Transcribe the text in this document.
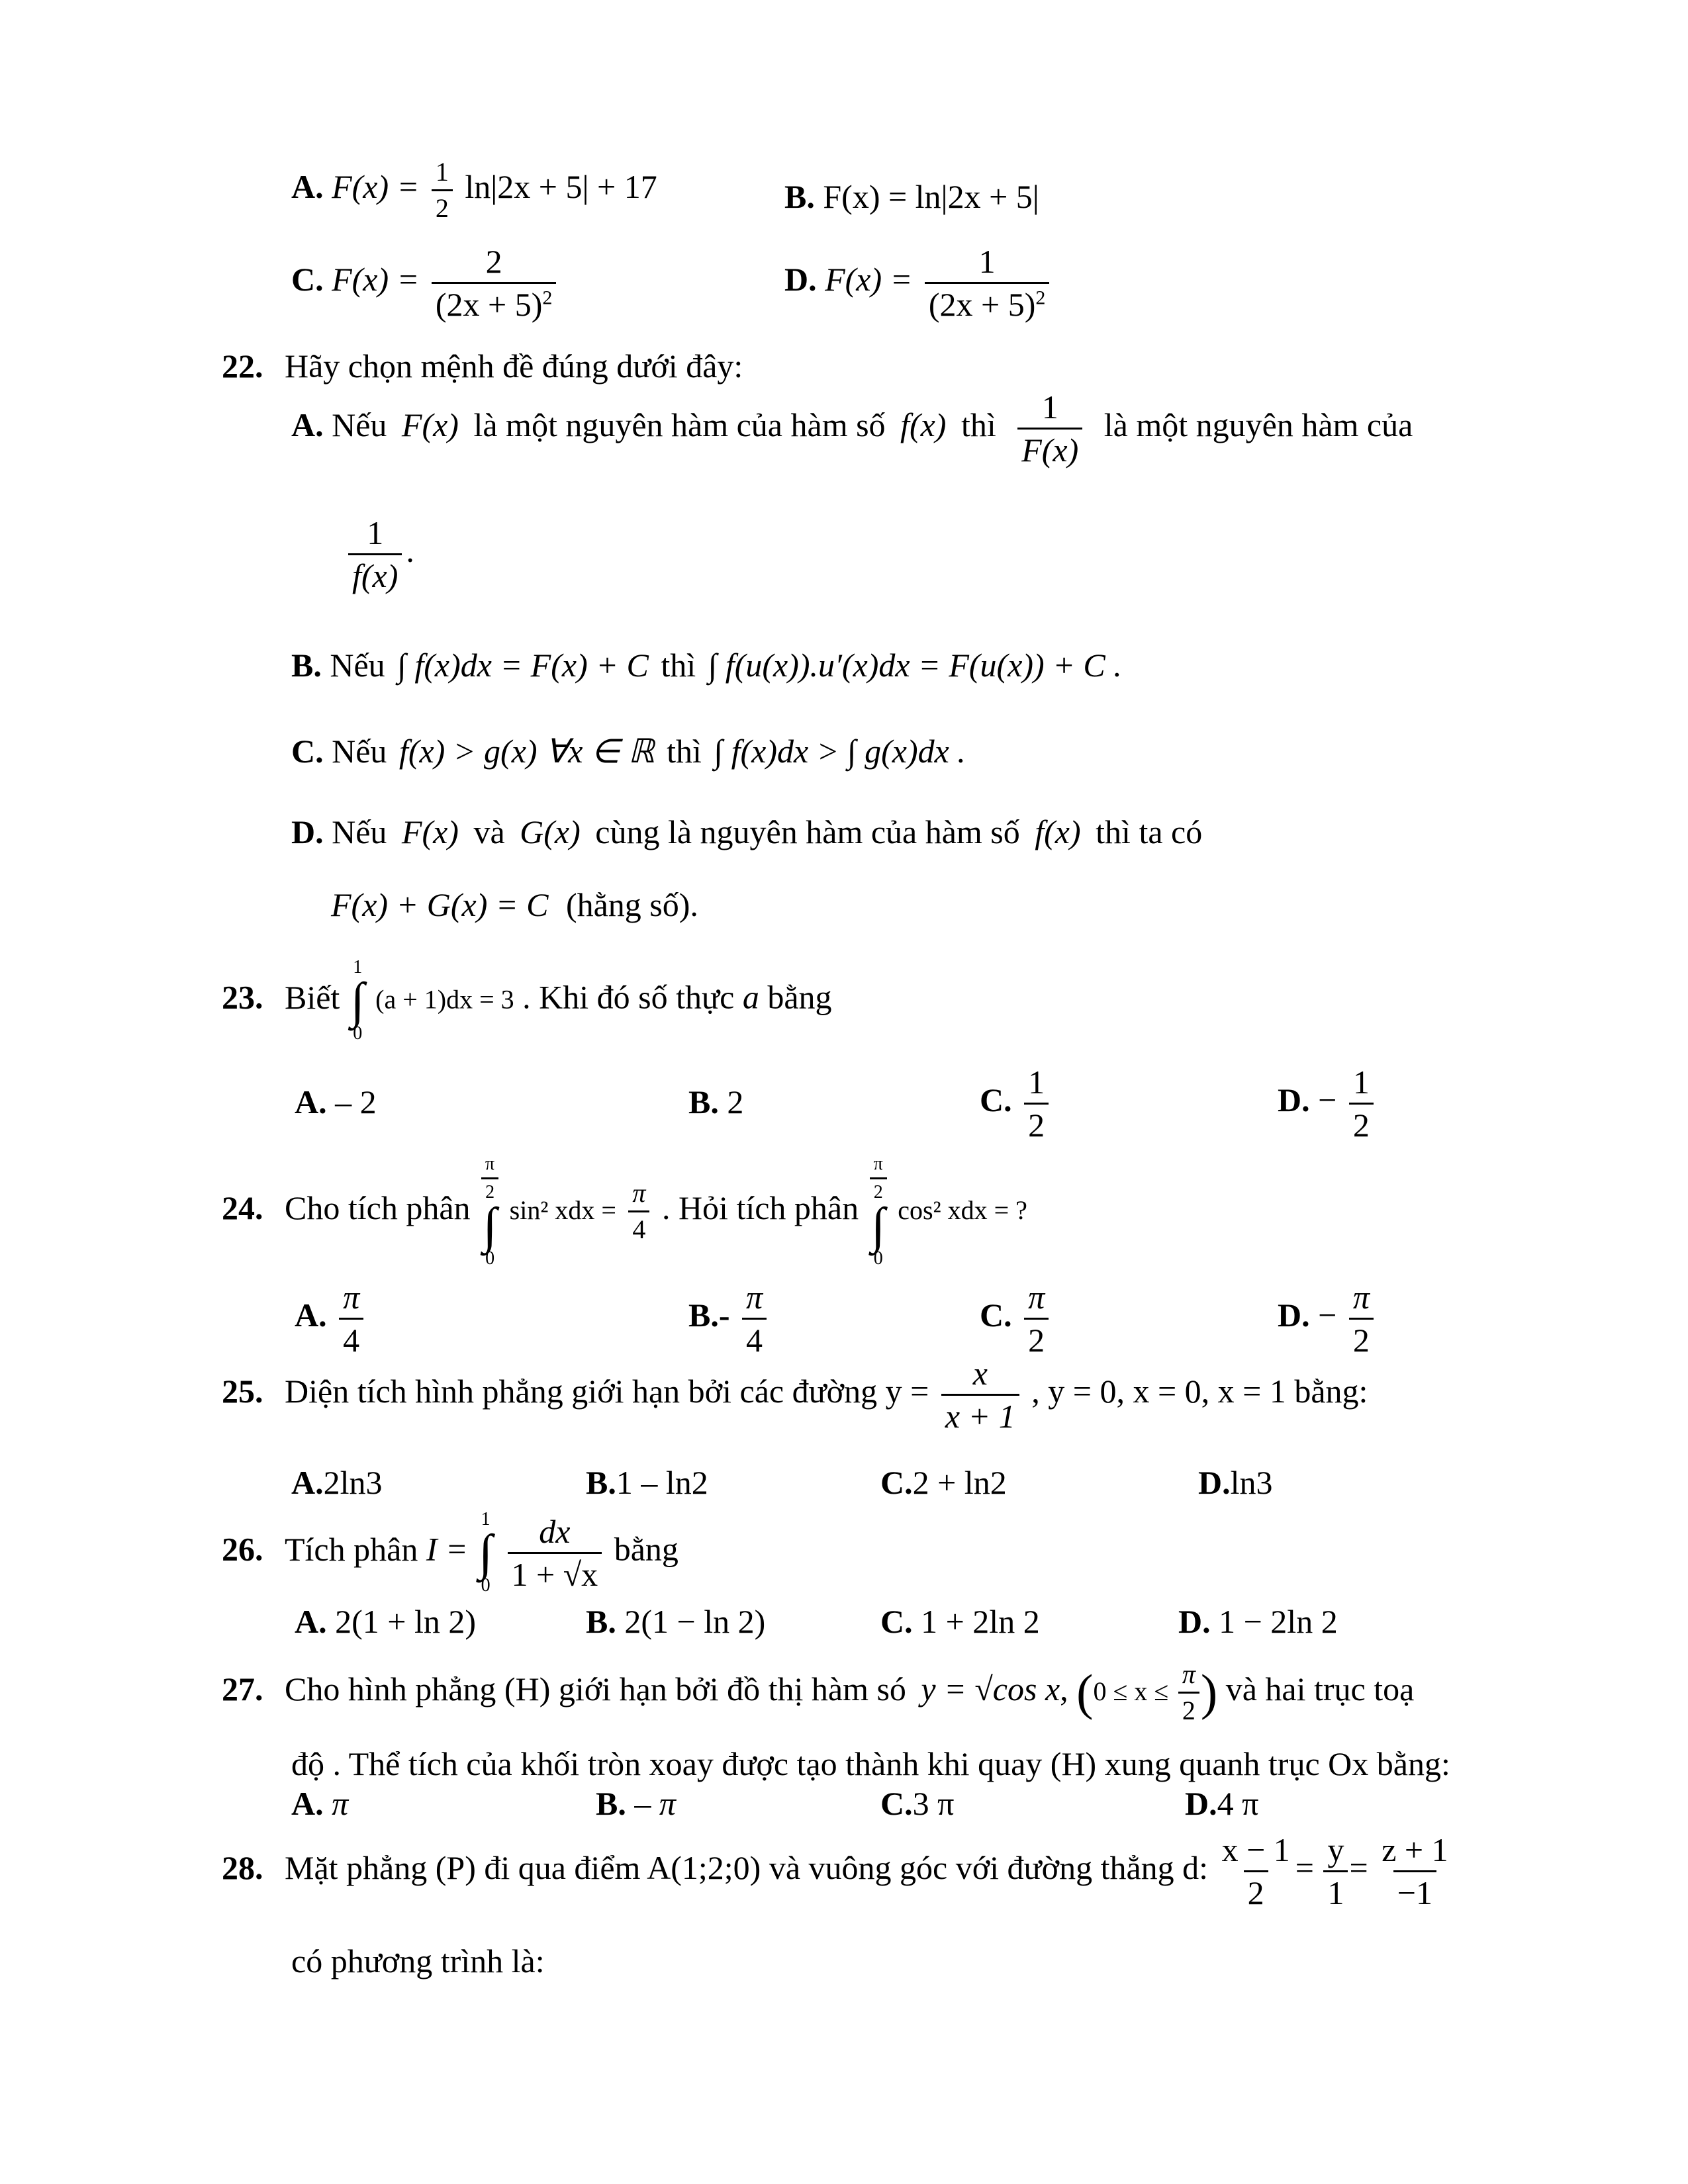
A. $F(x) = \frac{1}{2} \ln|2x + 5| + 17$	B. F(x) = ln|2x + 5|
C. $F(x) = \frac{2}{(2x + 5)^2}$	D. $F(x) = \frac{1}{(2x + 5)^2}$
22. Hãy chọn mệnh đề đúng dưới đây:
A. Nếu F(x) là một nguyên hàm của hàm số f(x) thì $\frac{1}{F(x)}$ là một nguyên hàm của
$\frac{1}{f(x)}$ .
B. Nếu ∫ f(x)dx = F(x) + C thì ∫ f(u(x)).u′(x)dx = F(u(x)) + C .
C. Nếu f(x) > g(x) ∀x ∈ ℝ thì ∫ f(x)dx > ∫ g(x)dx .
D. Nếu F(x) và G(x) cùng là nguyên hàm của hàm số f(x) thì ta có
F(x) + G(x) = C (hằng số).
23. Biết
1
∫
0
(a + 1)dx = 3 . Khi đó số thực a bằng
A. – 2	B. 2	C. $\frac{1}{2}$	D. − $\frac{1}{2}$
24. Cho tích phân
$\frac{\pi}{2}$
∫
0
sin² xdx = $\frac{\pi}{4}$ . Hỏi tích phân
$\frac{\pi}{2}$
∫
0
cos² xdx = ?
A. $\frac{\pi}{4}$	$B.- \frac{\pi}{4}$	C. $\frac{\pi}{2}$	D. − $\frac{\pi}{2}$
25. Diện tích hình phẳng giới hạn bởi các đường $y = \frac{x}{x + 1}$ , y = 0, x = 0, x = 1 bằng:
A.2ln3	B.1 – ln2	C.2 + ln2	D.ln3
26. Tích phân I =
1
∫
0
$\frac{dx}{1 + √x}$ bằng
A. 2(1 + ln 2)	B. 2(1 − ln 2)	C. 1 + 2ln 2	D. 1 − 2ln 2
27. Cho hình phẳng (H) giới hạn bởi đồ thị hàm só y = √cos x, ($0 \le x \le \frac{\pi}{2}$ ) và hai trục toạ
độ . Thể tích của khối tròn xoay được tạo thành khi quay (H) xung quanh trục Ox bằng:
A. π	B. – π	C.3 π	D.4 π
28. Mặt phẳng (P) đi qua điểm A(1;2;0) và vuông góc với đường thẳng d: $\frac{x - 1}{2} = \frac{y}{1} = \frac{z + 1}{-1}$
có phương trình là:
